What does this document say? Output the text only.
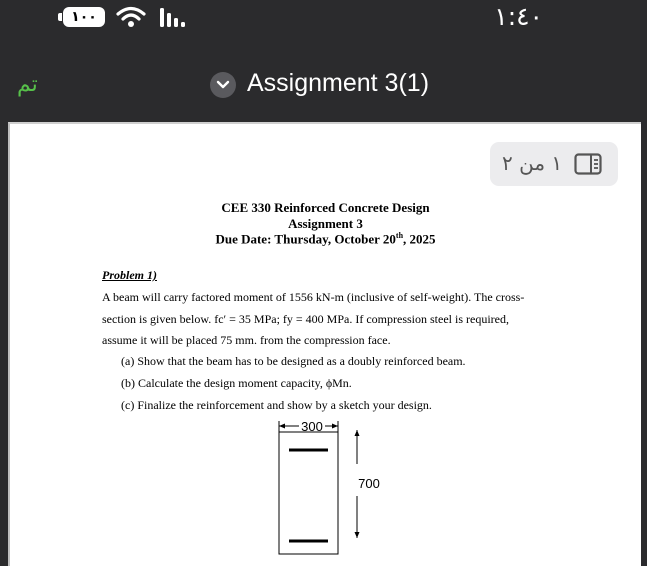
١٠٠	١:٤٠
تم	Assignment 3(1)
١ من ٢
CEE 330 Reinforced Concrete Design
Assignment 3
Due Date: Thursday, October 20th, 2025
Problem 1)
A beam will carry factored moment of 1556 kN-m (inclusive of self-weight). The cross-
section is given below. fc′ = 35 MPa; fy = 400 MPa. If compression steel is required,
assume it will be placed 75 mm. from the compression face.
(a) Show that the beam has to be designed as a doubly reinforced beam.
(b) Calculate the design moment capacity, ϕMn.
(c) Finalize the reinforcement and show by a sketch your design.
300
700
